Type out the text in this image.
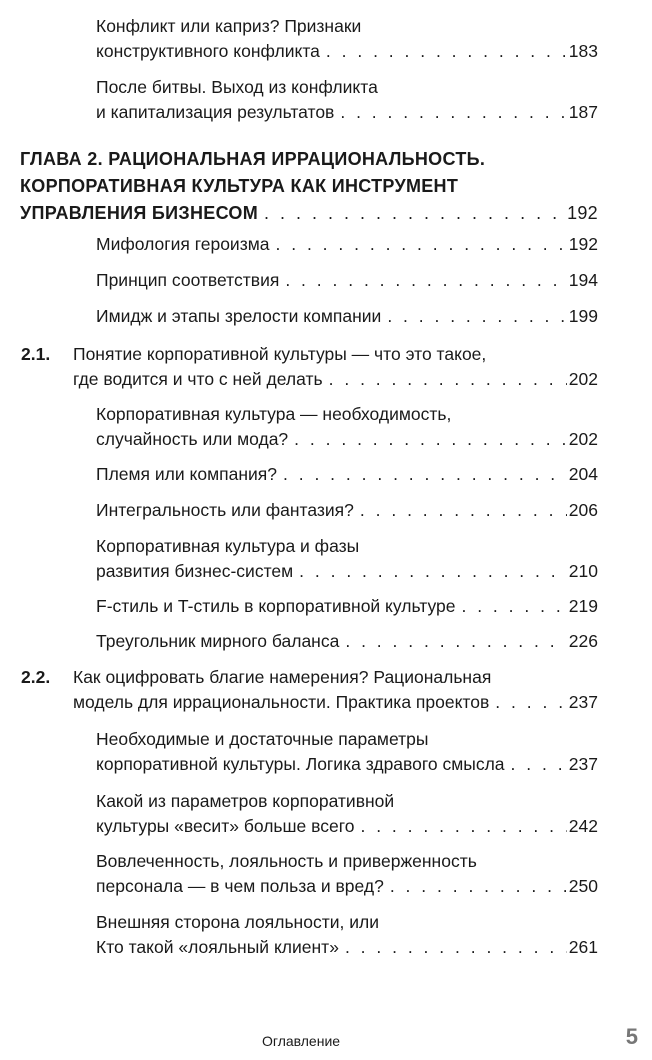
Конфликт или каприз? Признаки
конструктивного конфликта . . .	183
После битвы. Выход из конфликта
и капитализация результатов . . .	187
ГЛАВА 2. РАЦИОНАЛЬНАЯ ИРРАЦИОНАЛЬНОСТЬ.
КОРПОРАТИВНАЯ КУЛЬТУРА КАК ИНСТРУМЕНТ
УПРАВЛЕНИЯ БИЗНЕСОМ . . .	192
Мифология героизма . . .	192
Принцип соответствия . . .	194
Имидж и этапы зрелости компании . . .	199
2.1. Понятие корпоративной культуры — что это такое,
где водится и что с ней делать . . .	202
Корпоративная культура — необходимость,
случайность или мода? . . .	202
Племя или компания? . . .	204
Интегральность или фантазия? . . .	206
Корпоративная культура и фазы
развития бизнес-систем . . .	210
F-стиль и T-стиль в корпоративной культуре . . .	219
Треугольник мирного баланса . . .	226
2.2. Как оцифровать благие намерения? Рациональная
модель для иррациональности. Практика проектов . . .	237
Необходимые и достаточные параметры
корпоративной культуры. Логика здравого смысла . . .	237
Какой из параметров корпоративной
культуры «весит» больше всего . . .	242
Вовлеченность, лояльность и приверженность
персонала — в чем польза и вред? . . .	250
Внешняя сторона лояльности, или
Кто такой «лояльный клиент» . . .	261
Оглавление	5
